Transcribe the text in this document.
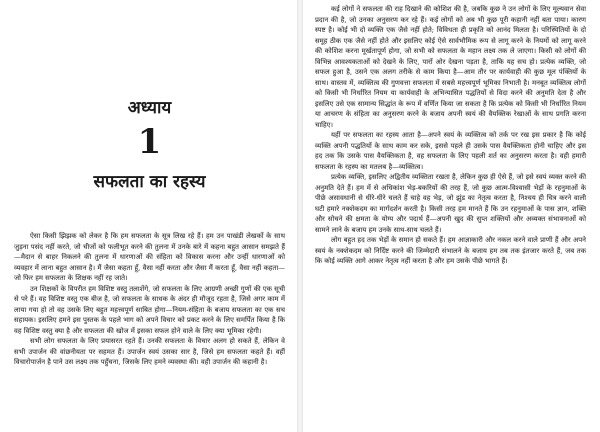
अध्याय
1
सफलता का रहस्य

ऐसा किसी झिझक को लेकर है कि हम सफलता के सूत्र लिख रहे हैं। हम उन पाखंडी लेखकों के साथ जुड़ना पसंद नहीं करते, जो चीजों को फलीभूत करने की तुलना में उनके बारे में कहना बहुत आसान समझते हैं—मैदान से बाहर निकलने की तुलना में धारणाओं की संहिता को विकास करना और उन्हीं धारणाओं को व्यवहार में लाना बहुत आसान है। मैं जैसा कहता हूँ, वैसा नहीं करता और जैसा मैं करता हूँ, वैसा नहीं कहता—जो फिर हम सफलता के शिक्षक नहीं रह जाते।

उन शिक्षकों के विपरीत हम विशिष्ट वस्तु तलाशेंगे, जो सफलता के लिए आग्रणी अच्छी गुणों की एक सूची से परे हैं। वह विशिष्ट वस्तु एक बीज है, जो सफलता के साधक के अंदर ही मौजूद रहता है, जिसे अगर काम में लाया गया हो तो वह उसके लिए बहुत महत्त्वपूर्ण साबित होगा—नियम-संहिता के बजाय सफलता का एक सच सहायक। इसलिए हमने इस पुस्तक के पहले भाग को अपने विचार को प्रकट करने के लिए समर्पित किया है कि वह विशिष्ट वस्तु क्या है और सफलता की खोज में इसका सफल होने वाले के लिए क्या भूमिका रहेगी।

सभी लोग सफलता के लिए प्रयासरत रहते हैं। उनकी सफलता के विचार अलग हो सकते हैं, लेकिन वे सभी उपार्जन की वांछनीयता पर सहमत हैं। उपार्जन स्वयं उसका सार है, जिसे हम सफलता कहते हैं। वहीं विचारोपार्जन है पाने उस लक्ष्य तक पहुँचना, जिसके लिए हमने व्यवस्था की। वही उपार्जन की कहानी है।

कई लोगों ने सफलता की राह दिखाने की कोशिश की है, जबकि कुछ ने उन लोगों के लिए मूल्यवान सेवा प्रदान की है, जो उनका अनुसरण कर रहे हैं। कई लोगों को अब भी कुछ पूरी कहानी नहीं बता पाया। कारण स्पष्ट है। कोई भी दो व्यक्ति एक जैसे नहीं होते; विविधता ही प्रकृति को आनंद मिलता है। परिस्थितियों के दो समूह ठीक एक जैसे नहीं होते और इसलिए कोई ऐसे सार्वभौमिक रूप से लागू करने के नियमों को लागू करने की कोशिश करना मूर्खतापूर्ण होगा, जो सभी को सफलता के महान लक्ष्य तक ले जाएगा। किसी को लोगों की विभिन्न आवश्यकताओं को देखने के लिए, पारों ओर देखना पड़ता है, ताकि यह सच हो। प्रत्येक व्यक्ति, जो सफल हुआ है, उसने एक अलग तरीके से काम किया है—आम तौर पर कार्यवाही की कुछ मूल पंक्तियों के साथ। वास्तव में, व्यक्तित्व की गुणवत्ता सफलता में सबसे महत्त्वपूर्ण भूमिका निभाती है। मनबूत व्यक्तित्व लोगों को किसी भी निर्धारित नियम या कार्यवाही के अभिन्यासित पद्धतियों से विदा करने की अनुमति देता है और इसलिए उसे एक सामान्य सिद्धांत के रूप में वर्णित किया जा सकता है कि प्रत्येक को किसी भी निर्धारित नियम या आचरण के संहिता का अनुसरण करने के बजाय अपनी स्वयं की वैयक्तिक रेखाओं के साथ प्रगति करना चाहिए।

यहीं पर सफलता का रहस्य आता है—अपने स्वयं के व्यक्तित्व को तर्क पर रख इस प्रकार है कि कोई व्यक्ति अपनी पद्धतियों के साथ काम कर सके, इससे पहले ही उसके पास वैयक्तिकता होनी चाहिए और इस हद तक कि उसके पास वैयक्तिकता है, वह सफलता के लिए पहली शर्त का अनुसरण करता है। वही हमारी सफलता के रहस्य का मतलब है—व्यक्तित्व।

प्रत्येक व्यक्ति, इसलिए अद्वितीय व्यक्तिता रखता है, लेकिन कुछ ही ऐसे हैं, जो इसे स्वयं व्यक्त करने की अनुमति देते हैं। हम में से अधिकांश भेड़-बकरियों की तरह हैं, जो कुछ आत्म-विश्वासी भेड़ों के रहनुमाओं के पीछे असावधानी से धीरे-धीरे चलते हैं चाहे वह भेड़, जो झुंड का नेतृत्व करता है, निश्चय ही चित्र करने वाली घटी हमारे नक्शेकदम का मार्गदर्शन करती है। किसी तरह हम मानते हैं कि उन रहनुमाओं के पास ज्ञान, शक्ति और सोचने की क्षमता के योग्य और पदार्थ हैं—अपनी खुद की सुप्त शक्तियों और अव्यक्त संभावनाओं को सामने लाने के बजाय हम उनके साथ-साथ चलते हैं।

लोग बहुत हद तक भेड़ों के समान हो सकते हैं। हम आज्ञाकारी और नकल करने वाले प्राणी हैं और अपने स्वयं के नक्शेकदम को निर्दिष्ट करने की जिम्मेदारी संभालने के बजाय हम तब तक इंतजार करते हैं, जब तक कि कोई व्यक्ति आगे आकर नेतृत्व नहीं करता है और हम उसके पीछे भागते हैं।
